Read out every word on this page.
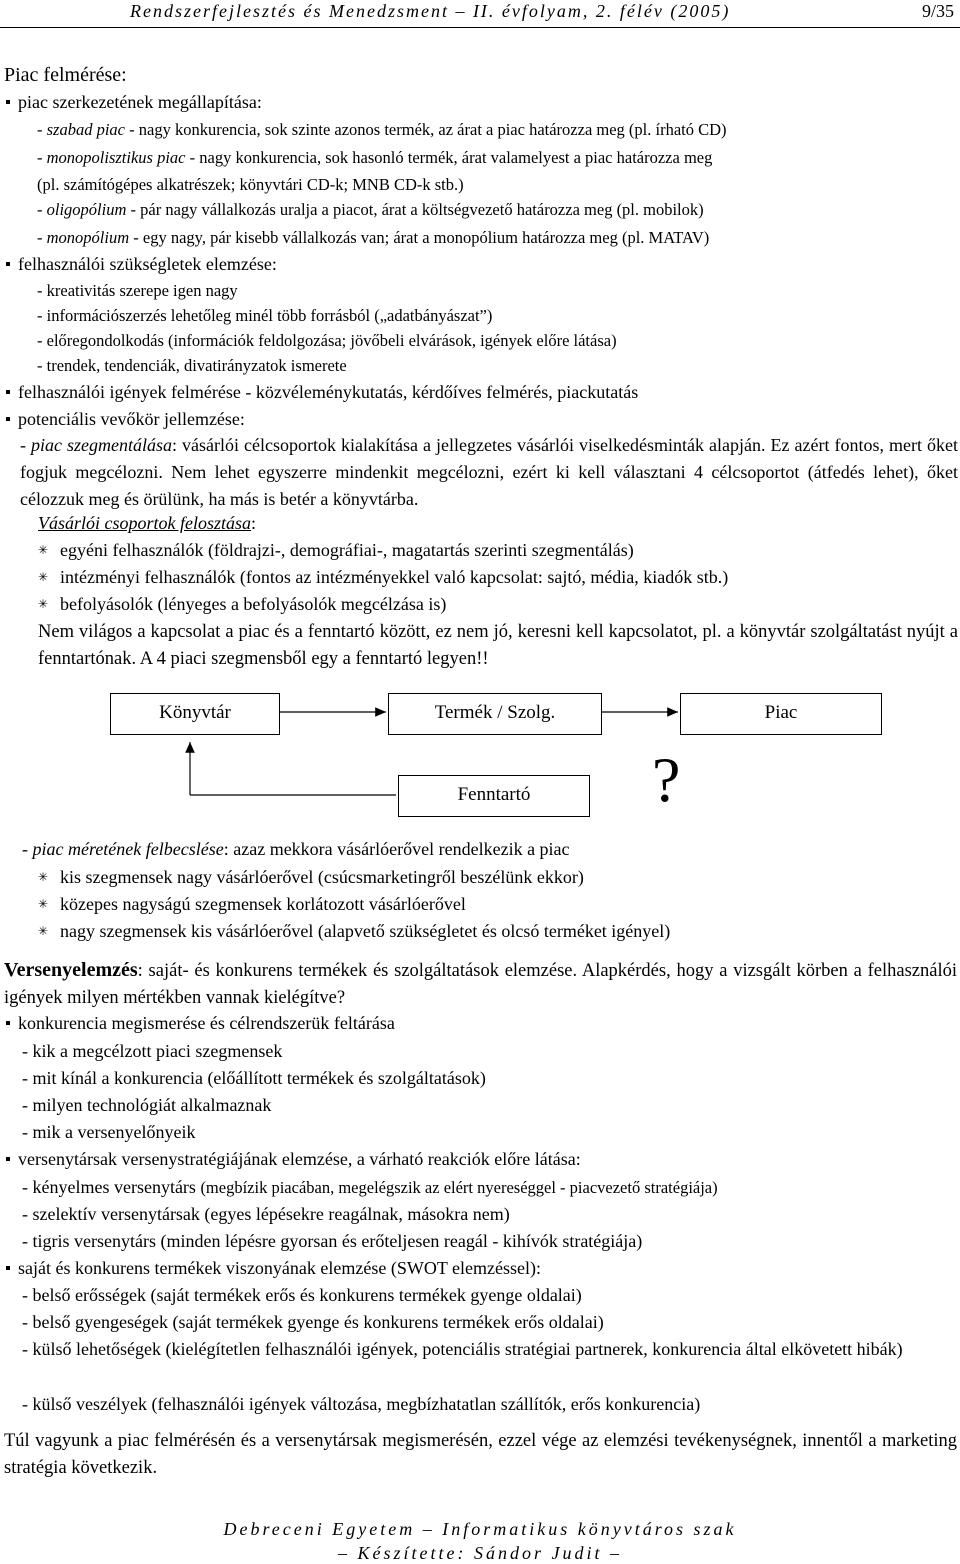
Rendszerfejlesztés és Menedzsment – II. évfolyam, 2. félév (2005)	9/35
Piac felmérése:
piac szerkezetének megállapítása:
- szabad piac - nagy konkurencia, sok szinte azonos termék, az árat a piac határozza meg (pl. írható CD)
- monopolisztikus piac - nagy konkurencia, sok hasonló termék, árat valamelyest a piac határozza meg
(pl. számítógépes alkatrészek; könyvtári CD-k; MNB CD-k stb.)
- oligopólium - pár nagy vállalkozás uralja a piacot, árat a költségvezető határozza meg (pl. mobilok)
- monopólium - egy nagy, pár kisebb vállalkozás van; árat a monopólium határozza meg (pl. MATAV)
felhasználói szükségletek elemzése:
- kreativitás szerepe igen nagy
- információszerzés lehetőleg minél több forrásból („adatbányászat”)
- előregondolkodás (információk feldolgozása; jövőbeli elvárások, igények előre látása)
- trendek, tendenciák, divatirányzatok ismerete
felhasználói igények felmérése - közvéleménykutatás, kérdőíves felmérés, piackutatás
potenciális vevőkör jellemzése:
- piac szegmentálása: vásárlói célcsoportok kialakítása a jellegzetes vásárlói viselkedésminták alapján. Ez azért fontos, mert őket fogjuk megcélozni. Nem lehet egyszerre mindenkit megcélozni, ezért ki kell választani 4 célcsoportot (átfedés lehet), őket célozzuk meg és örülünk, ha más is betér a könyvtárba.
Vásárlói csoportok felosztása:
✳ egyéni felhasználók (földrajzi-, demográfiai-, magatartás szerinti szegmentálás)
✳ intézményi felhasználók (fontos az intézményekkel való kapcsolat: sajtó, média, kiadók stb.)
✳ befolyásolók (lényeges a befolyásolók megcélzása is)
Nem világos a kapcsolat a piac és a fenntartó között, ez nem jó, keresni kell kapcsolatot, pl. a könyvtár szolgáltatást nyújt a fenntartónak. A 4 piaci szegmensből egy a fenntartó legyen!!
Könyvtár	Termék / Szolg.	Piac
Fenntartó	?
- piac méretének felbecslése: azaz mekkora vásárlóerővel rendelkezik a piac
✳ kis szegmensek nagy vásárlóerővel (csúcsmarketingről beszélünk ekkor)
✳ közepes nagyságú szegmensek korlátozott vásárlóerővel
✳ nagy szegmensek kis vásárlóerővel (alapvető szükségletet és olcsó terméket igényel)
Versenyelemzés: saját- és konkurens termékek és szolgáltatások elemzése. Alapkérdés, hogy a vizsgált körben a felhasználói igények milyen mértékben vannak kielégítve?
konkurencia megismerése és célrendszerük feltárása
- kik a megcélzott piaci szegmensek
- mit kínál a konkurencia (előállított termékek és szolgáltatások)
- milyen technológiát alkalmaznak
- mik a versenyelőnyeik
versenytársak versenystratégiájának elemzése, a várható reakciók előre látása:
- kényelmes versenytárs (megbízik piacában, megelégszik az elért nyereséggel - piacvezető stratégiája)
- szelektív versenytársak (egyes lépésekre reagálnak, másokra nem)
- tigris versenytárs (minden lépésre gyorsan és erőteljesen reagál - kihívók stratégiája)
saját és konkurens termékek viszonyának elemzése (SWOT elemzéssel):
- belső erősségek (saját termékek erős és konkurens termékek gyenge oldalai)
- belső gyengeségek (saját termékek gyenge és konkurens termékek erős oldalai)
- külső lehetőségek (kielégítetlen felhasználói igények, potenciális stratégiai partnerek, konkurencia által elkövetett hibák)
- külső veszélyek (felhasználói igények változása, megbízhatatlan szállítók, erős konkurencia)
Túl vagyunk a piac felmérésén és a versenytársak megismerésén, ezzel vége az elemzési tevékenységnek, innentől a marketing stratégia következik.
Debreceni Egyetem – Informatikus könyvtáros szak
– Készítette: Sándor Judit –
